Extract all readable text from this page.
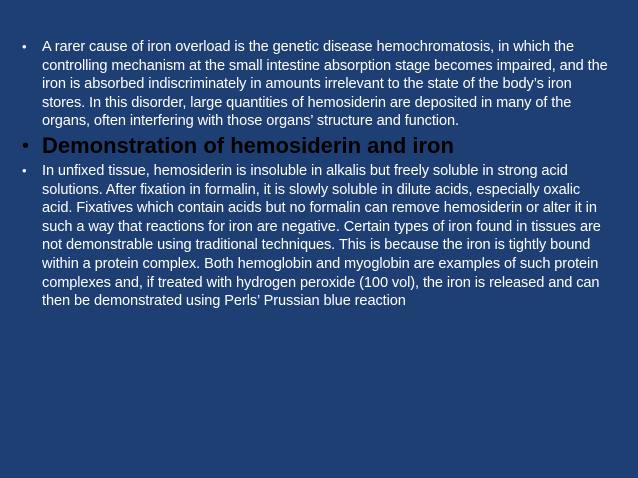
•	A rarer cause of iron overload is the genetic disease hemochromatosis, in which the controlling mechanism at the small intestine absorption stage becomes impaired, and the iron is absorbed indiscriminately in amounts irrelevant to the state of the body’s iron stores. In this disorder, large quantities of hemosiderin are deposited in many of the organs, often interfering with those organs’ structure and function.
• Demonstration of hemosiderin and iron
•	In unfixed tissue, hemosiderin is insoluble in alkalis but freely soluble in strong acid solutions. After fixation in formalin, it is slowly soluble in dilute acids, especially oxalic acid. Fixatives which contain acids but no formalin can remove hemosiderin or alter it in such a way that reactions for iron are negative. Certain types of iron found in tissues are not demonstrable using traditional techniques. This is because the iron is tightly bound within a protein complex. Both hemoglobin and myoglobin are examples of such protein complexes and, if treated with hydrogen peroxide (100 vol), the iron is released and can then be demonstrated using Perls’ Prussian blue reaction
